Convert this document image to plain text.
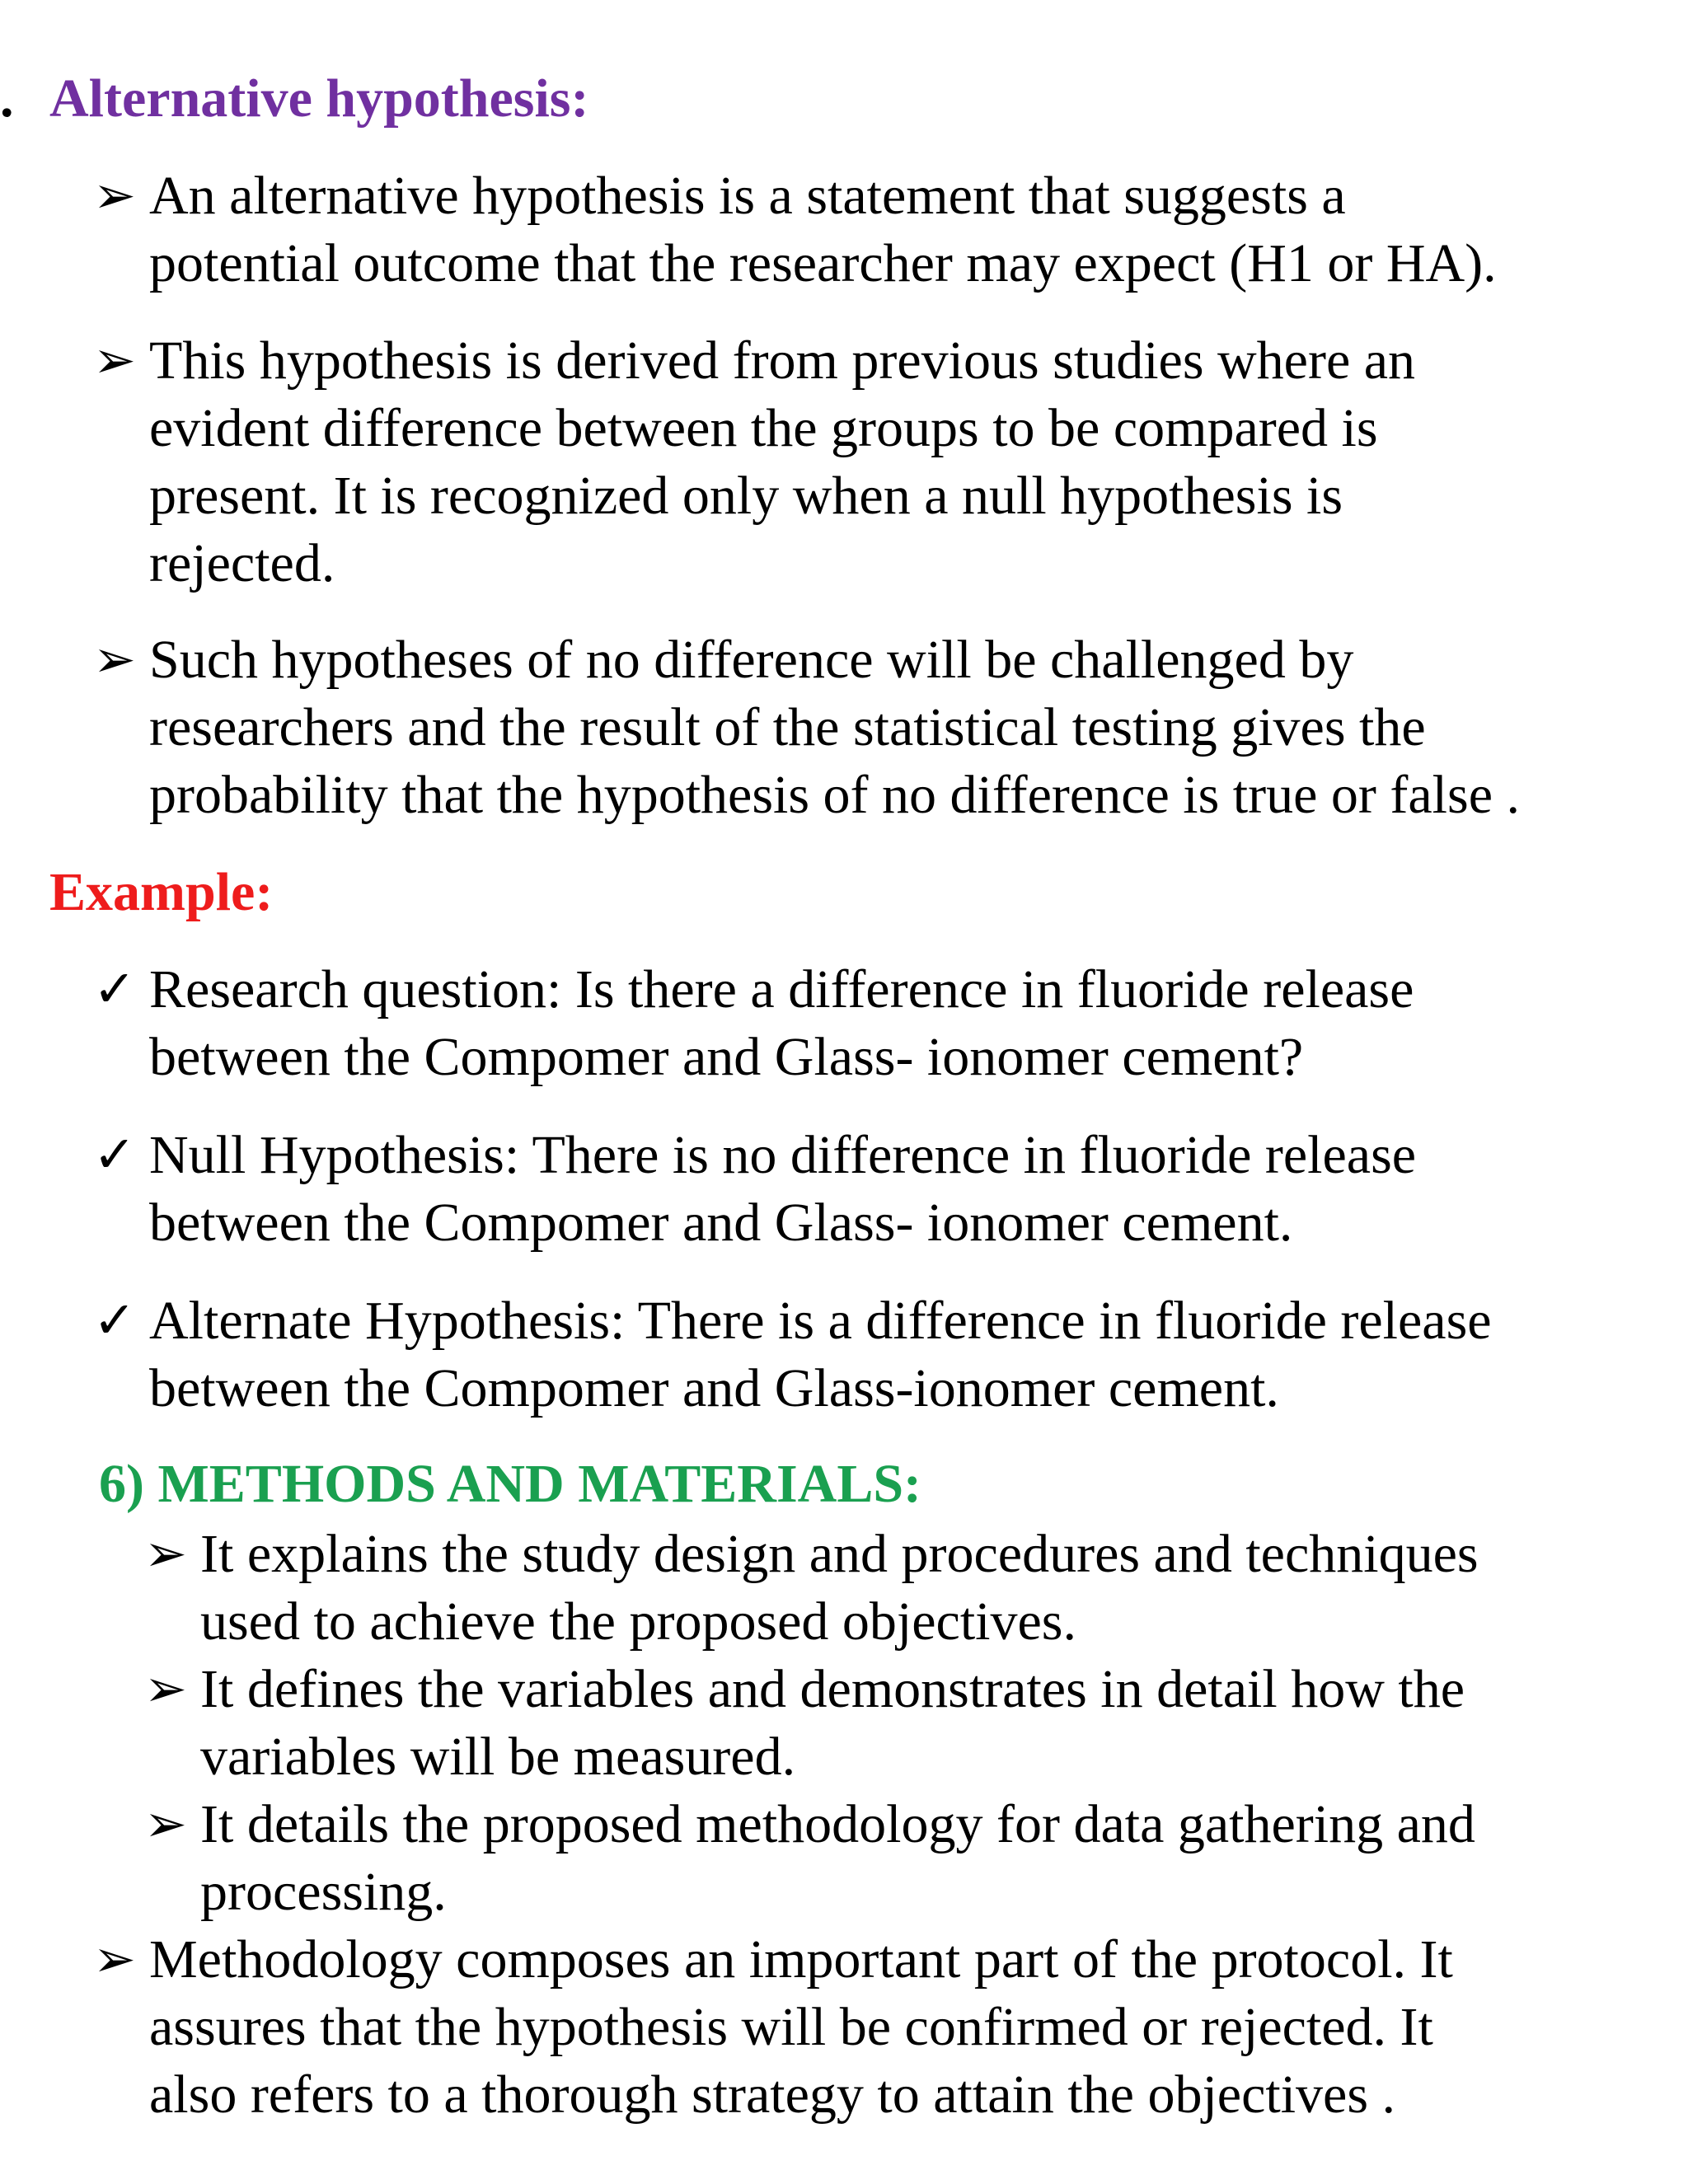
. Alternative hypothesis:
➢ An alternative hypothesis is a statement that suggests a
potential outcome that the researcher may expect (H1 or HA).
➢ This hypothesis is derived from previous studies where an
evident difference between the groups to be compared is
present. It is recognized only when a null hypothesis is
rejected.
➢ Such hypotheses of no difference will be challenged by
researchers and the result of the statistical testing gives the
probability that the hypothesis of no difference is true or false .
Example:
✓ Research question: Is there a difference in fluoride release
between the Compomer and Glass- ionomer cement?
✓ Null Hypothesis: There is no difference in fluoride release
between the Compomer and Glass- ionomer cement.
✓ Alternate Hypothesis: There is a difference in fluoride release
between the Compomer and Glass-ionomer cement.
6) METHODS AND MATERIALS:
➢ It explains the study design and procedures and techniques
used to achieve the proposed objectives.
➢ It defines the variables and demonstrates in detail how the
variables will be measured.
➢ It details the proposed methodology for data gathering and
processing.
➢ Methodology composes an important part of the protocol. It
assures that the hypothesis will be confirmed or rejected. It
also refers to a thorough strategy to attain the objectives .
